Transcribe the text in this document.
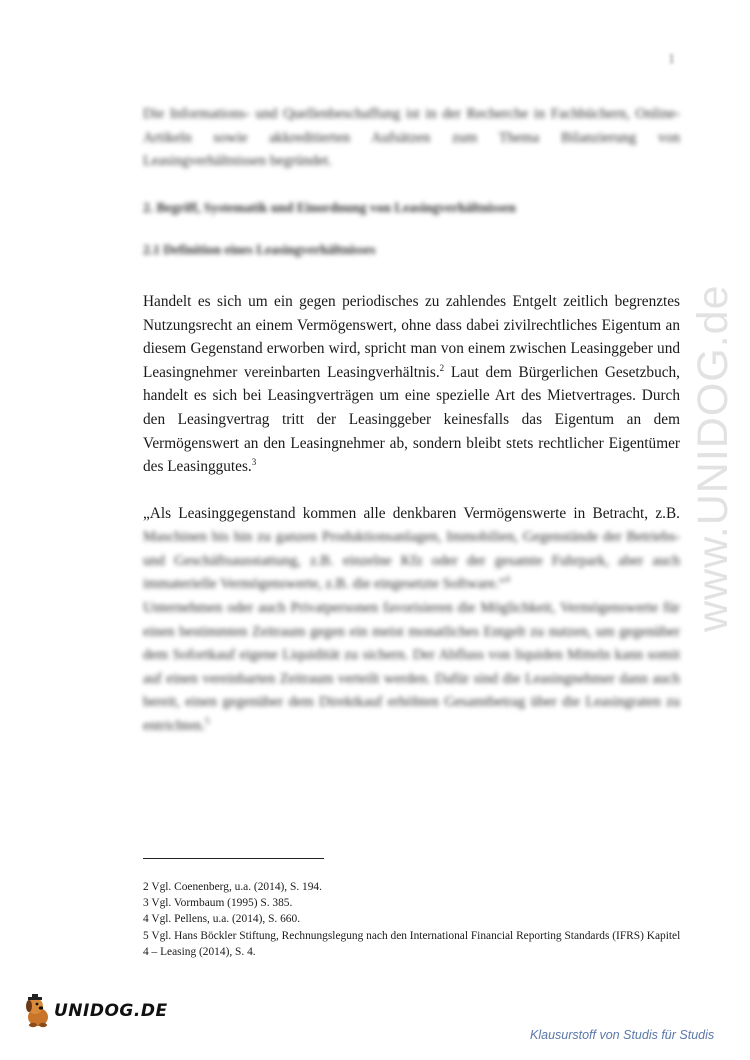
1

Die Informations- und Quellenbeschaffung ist in der Recherche in Fachbüchern, Online- Artikeln sowie akkreditierten Aufsätzen zum Thema Bilanzierung von Leasingverhältnissen begründet.

2. Begriff, Systematik und Einordnung von Leasingverhältnissen
2.1 Definition eines Leasingverhältnisses

Handelt es sich um ein gegen periodisches zu zahlendes Entgelt zeitlich begrenztes Nutzungsrecht an einem Vermögenswert, ohne dass dabei zivilrechtliches Eigentum an diesem Gegenstand erworben wird, spricht man von einem zwischen Leasinggeber und Leasingnehmer vereinbarten Leasingverhältnis.$^2$ Laut dem Bürgerlichen Gesetzbuch, handelt es sich bei Leasingverträgen um eine spezielle Art des Mietvertrages. Durch den Leasingvertrag tritt der Leasinggeber keinesfalls das Eigentum an dem Vermögenswert an den Leasingnehmer ab, sondern bleibt stets rechtlicher Eigentümer des Leasinggutes.$^3$

„Als Leasinggegenstand kommen alle denkbaren Vermögenswerte in Betracht, z.B.

Maschinen bis hin zu ganzen Produktionsanlagen, Immobilien, Gegenstände der Betriebs- und Geschäftsausstattung, z.B. einzelne Kfz oder der gesamte Fuhrpark, aber auch immaterielle Vermögenswerte, z.B. die eingesetzte Software.“$^4$

Unternehmen oder auch Privatpersonen favorisieren die Möglichkeit, Vermögenswerte für einen bestimmten Zeitraum gegen ein meist monatliches Entgelt zu nutzen, um gegenüber dem Sofortkauf eigene Liquidität zu sichern. Der Abfluss von liquiden Mitteln kann somit auf einen vereinbarten Zeitraum verteilt werden. Dafür sind die Leasingnehmer dann auch bereit, einen gegenüber dem Direktkauf erhöhten Gesamtbetrag über die Leasingraten zu entrichten.$^5$

2 Vgl. Coenenberg, u.a. (2014), S. 194.
3 Vgl. Vormbaum (1995) S. 385.
4 Vgl. Pellens, u.a. (2014), S. 660.
5 Vgl. Hans Böckler Stiftung, Rechnungslegung nach den International Financial Reporting Standards (IFRS) Kapitel 4 – Leasing (2014), S. 4.
www.UNIDOG.de
UNIDOG.DE
Klausurstoff von Studis für Studis
